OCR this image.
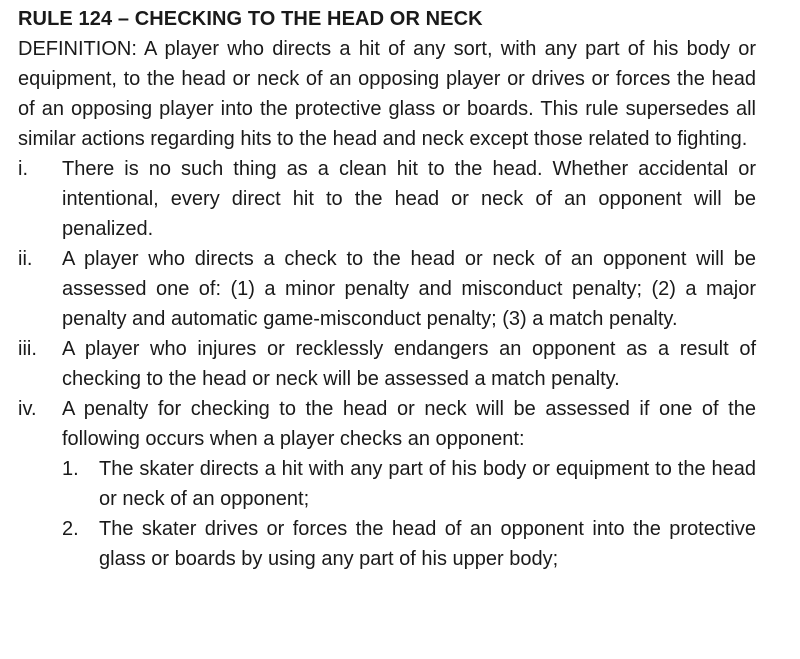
RULE 124 – CHECKING TO THE HEAD OR NECK

DEFINITION: A player who directs a hit of any sort, with any part of his body or equipment, to the head or neck of an opposing player or drives or forces the head of an opposing player into the protective glass or boards. This rule supersedes all similar actions regarding hits to the head and neck except those related to fighting.

i. There is no such thing as a clean hit to the head. Whether accidental or intentional, every direct hit to the head or neck of an opponent will be penalized.
ii. A player who directs a check to the head or neck of an opponent will be assessed one of: (1) a minor penalty and misconduct penalty; (2) a major penalty and automatic game-misconduct penalty; (3) a match penalty.
iii. A player who injures or recklessly endangers an opponent as a result of checking to the head or neck will be assessed a match penalty.
iv. A penalty for checking to the head or neck will be assessed if one of the following occurs when a player checks an opponent:
1. The skater directs a hit with any part of his body or equipment to the head or neck of an opponent;
2. The skater drives or forces the head of an opponent into the protective glass or boards by using any part of his upper body;
